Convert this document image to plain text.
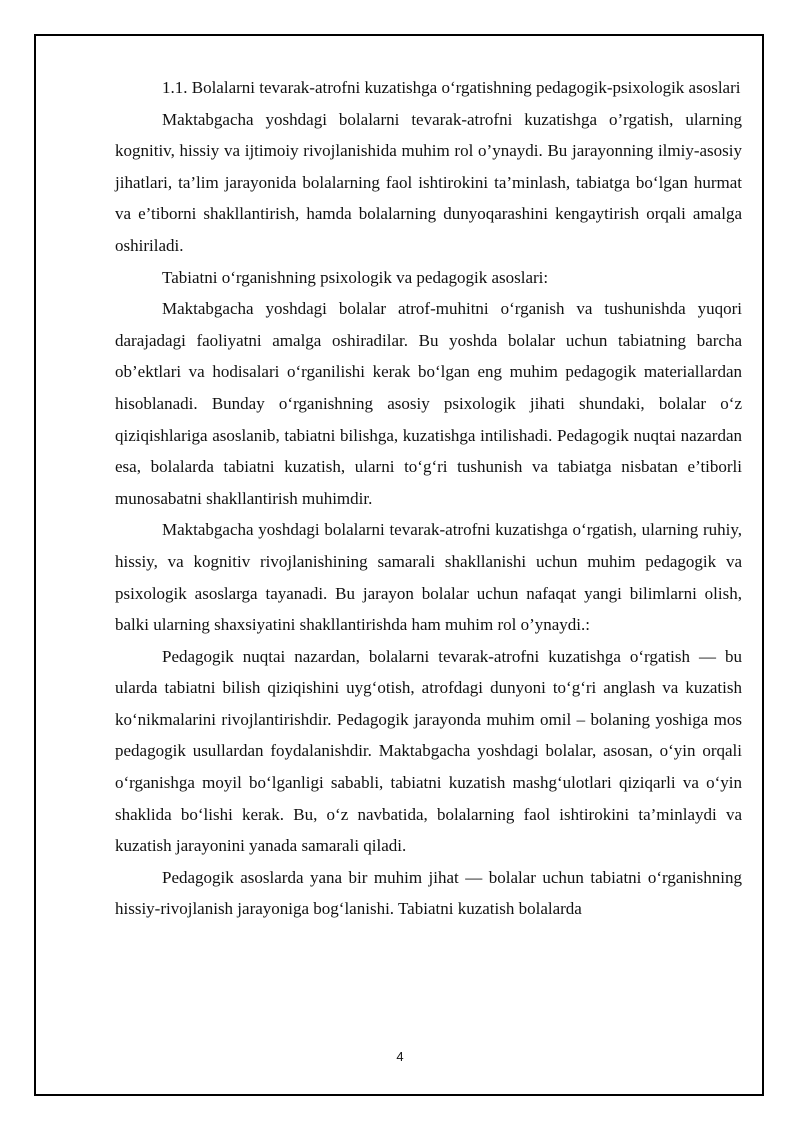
1.1. Bolalarni tevarak-atrofni kuzatishga o‘rgatishning pedagogik-psixologik asoslari

Maktabgacha yoshdagi bolalarni tevarak-atrofni kuzatishga o’rgatish, ularning kognitiv, hissiy va ijtimoiy rivojlanishida muhim rol o’ynaydi. Bu jarayonning ilmiy-asosiy jihatlari, ta’lim jarayonida bolalarning faol ishtirokini ta’minlash, tabiatga bo‘lgan hurmat va e’tiborni shakllantirish, hamda bolalarning dunyoqarashini kengaytirish orqali amalga oshiriladi.

Tabiatni o‘rganishning psixologik va pedagogik asoslari:

Maktabgacha yoshdagi bolalar atrof-muhitni o‘rganish va tushunishda yuqori darajadagi faoliyatni amalga oshiradilar. Bu yoshda bolalar uchun tabiatning barcha ob’ektlari va hodisalari o‘rganilishi kerak bo‘lgan eng muhim pedagogik materiallardan hisoblanadi. Bunday o‘rganishning asosiy psixologik jihati shundaki, bolalar o‘z qiziqishlariga asoslanib, tabiatni bilishga, kuzatishga intilishadi. Pedagogik nuqtai nazardan esa, bolalarda tabiatni kuzatish, ularni to‘g‘ri tushunish va tabiatga nisbatan e’tiborli munosabatni shakllantirish muhimdir.

Maktabgacha yoshdagi bolalarni tevarak-atrofni kuzatishga o‘rgatish, ularning ruhiy, hissiy, va kognitiv rivojlanishining samarali shakllanishi uchun muhim pedagogik va psixologik asoslarga tayanadi. Bu jarayon bolalar uchun nafaqat yangi bilimlarni olish, balki ularning shaxsiyatini shakllantirishda ham muhim rol o’ynaydi.:

Pedagogik nuqtai nazardan, bolalarni tevarak-atrofni kuzatishga o‘rgatish — bu ularda tabiatni bilish qiziqishini uyg‘otish, atrofdagi dunyoni to‘g‘ri anglash va kuzatish ko‘nikmalarini rivojlantirishdir. Pedagogik jarayonda muhim omil – bolaning yoshiga mos pedagogik usullardan foydalanishdir. Maktabgacha yoshdagi bolalar, asosan, o‘yin orqali o‘rganishga moyil bo‘lganligi sababli, tabiatni kuzatish mashg‘ulotlari qiziqarli va o‘yin shaklida bo‘lishi kerak. Bu, o‘z navbatida, bolalarning faol ishtirokini ta’minlaydi va kuzatish jarayonini yanada samarali qiladi.

Pedagogik asoslarda yana bir muhim jihat — bolalar uchun tabiatni o‘rganishning hissiy-rivojlanish jarayoniga bog‘lanishi. Tabiatni kuzatish bolalarda

4
